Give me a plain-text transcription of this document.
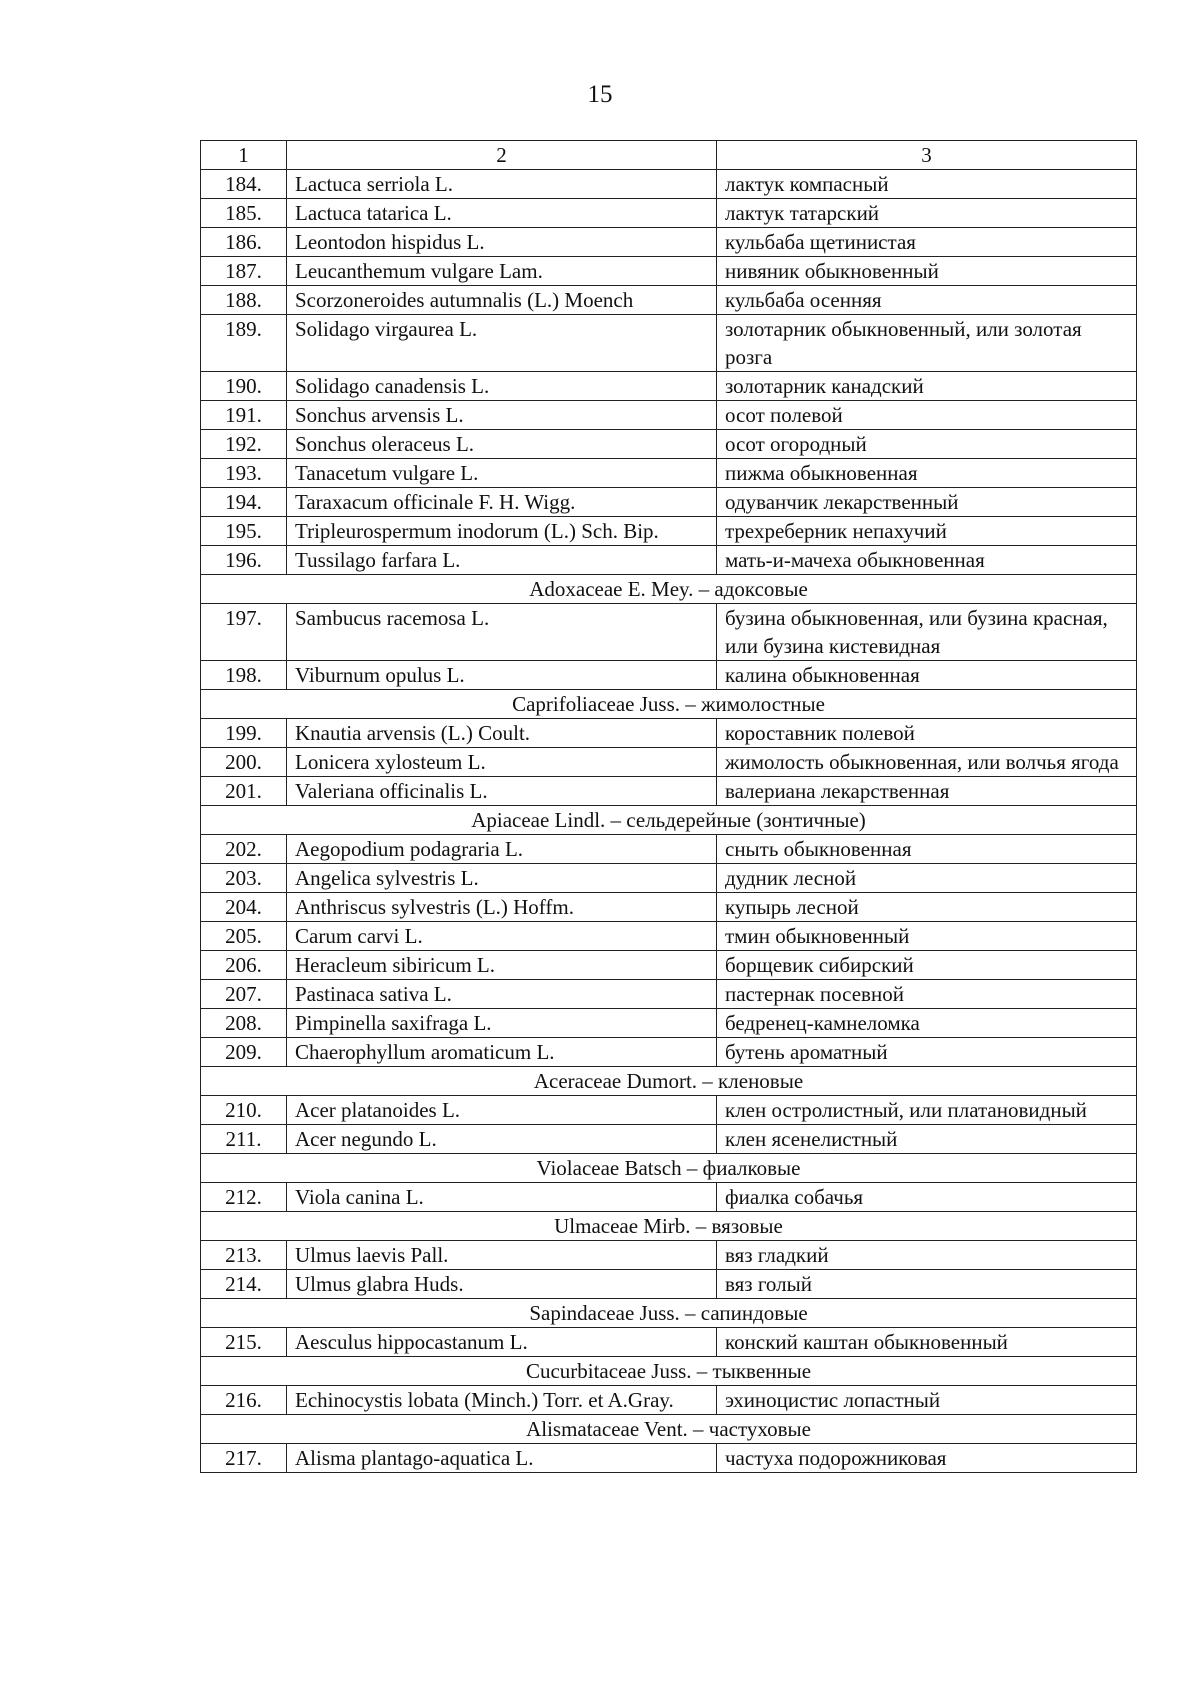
15
1	2	3
184.	Lactuca serriola L.	лактук компасный
185.	Lactuca tatarica L.	лактук татарский
186.	Leontodon hispidus L.	кульбаба щетинистая
187.	Leucanthemum vulgare Lam.	нивяник обыкновенный
188.	Scorzoneroides autumnalis (L.) Moench	кульбаба осенняя
189.	Solidago virgaurea L.	золотарник обыкновенный, или золотая розга
190.	Solidago canadensis L.	золотарник канадский
191.	Sonchus arvensis L.	осот полевой
192.	Sonchus oleraceus L.	осот огородный
193.	Tanacetum vulgare L.	пижма обыкновенная
194.	Taraxacum officinale F. H. Wigg.	одуванчик лекарственный
195.	Tripleurospermum inodorum (L.) Sch. Bip.	трехреберник непахучий
196.	Tussilago farfara L.	мать-и-мачеха обыкновенная
Adoxaceae E. Mey. – адоксовые		
197.	Sambucus racemosa L.	бузина обыкновенная, или бузина красная, или бузина кистевидная
198.	Viburnum opulus L.	калина обыкновенная
Caprifoliaceae Juss. – жимолостные		
199.	Knautia arvensis (L.) Coult.	короставник полевой
200.	Lonicera xylosteum L.	жимолость обыкновенная, или волчья ягода
201.	Valeriana officinalis L.	валериана лекарственная
Apiaceae Lindl. – сельдерейные (зонтичные)		
202.	Aegopodium podagraria L.	сныть обыкновенная
203.	Angelica sylvestris L.	дудник лесной
204.	Anthriscus sylvestris (L.) Hoffm.	купырь лесной
205.	Carum carvi L.	тмин обыкновенный
206.	Heracleum sibiricum L.	борщевик сибирский
207.	Pastinaca sativa L.	пастернак посевной
208.	Pimpinella saxifraga L.	бедренец-камнеломка
209.	Chaerophyllum aromaticum L.	бутень ароматный
Aceraceae Dumort. – кленовые		
210.	Acer platanoides L.	клен остролистный, или платановидный
211.	Acer negundo L.	клен ясенелистный
Violaceae Batsch – фиалковые		
212.	Viola canina L.	фиалка собачья
Ulmaceae Mirb. – вязовые		
213.	Ulmus laevis Pall.	вяз гладкий
214.	Ulmus glabra Huds.	вяз голый
Sapindaceae Juss. – сапиндовые		
215.	Aesculus hippocastanum L.	конский каштан обыкновенный
Cucurbitaceae Juss. – тыквенные		
216.	Echinocystis lobata (Minch.) Torr. et A.Gray.	эхиноцистис лопастный
Alismataceae Vent. – частуховые		
217.	Alisma plantago-aquatica L.	частуха подорожниковая
